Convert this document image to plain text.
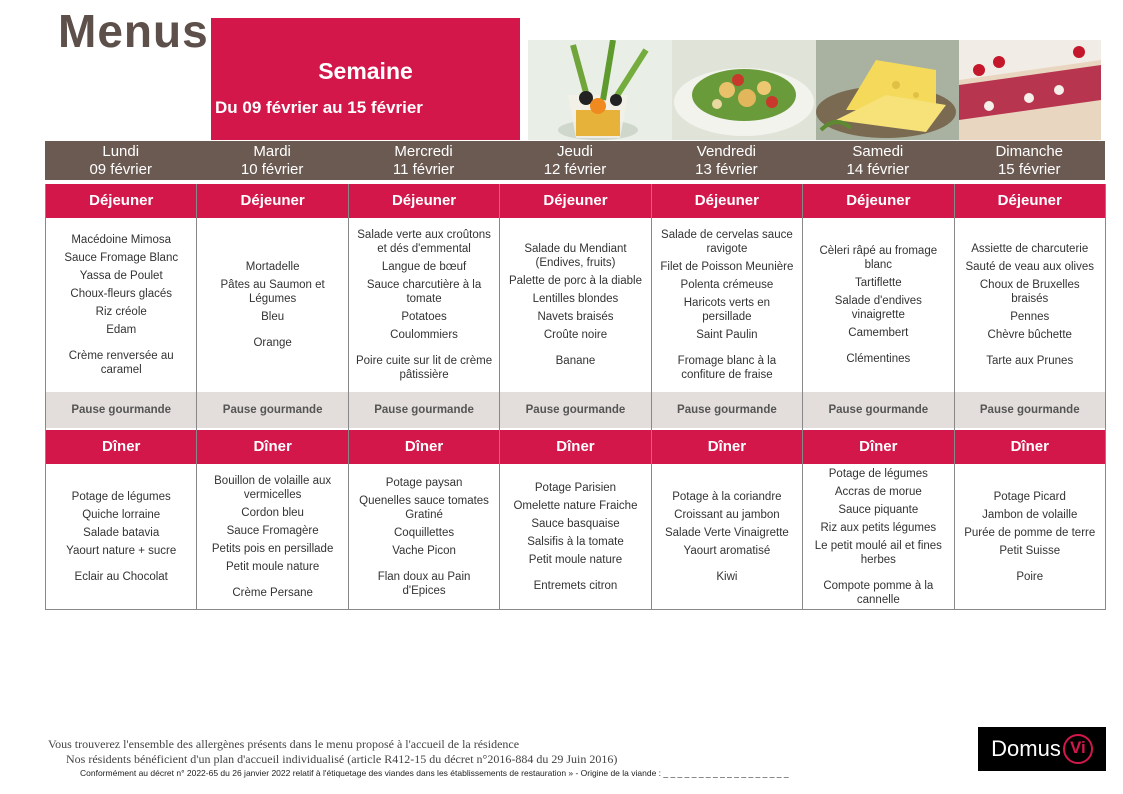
Menus
Semaine
Du 09 février au 15 février
Lundi
09 février
Mardi
10 février
Mercredi
11 février
Jeudi
12 février
Vendredi
13 février
Samedi
14 février
Dimanche
15 février
Déjeuner
Macédoine Mimosa
Sauce Fromage Blanc
Yassa de Poulet
Choux-fleurs glacés
Riz créole
Edam
Crème renversée au caramel
Pause gourmande
Dîner
Potage de légumes
Quiche lorraine
Salade batavia
Yaourt nature + sucre
Eclair au Chocolat
Déjeuner
Mortadelle
Pâtes au Saumon et Légumes
Bleu
Orange
Pause gourmande
Dîner
Bouillon de volaille aux vermicelles
Cordon bleu
Sauce Fromagère
Petits pois en persillade
Petit moule nature
Crème Persane
Déjeuner
Salade verte aux croûtons et dés d'emmental
Langue de bœuf
Sauce charcutière à la tomate
Potatoes
Coulommiers
Poire cuite sur lit de crème pâtissière
Pause gourmande
Dîner
Potage paysan
Quenelles sauce tomates Gratiné
Coquillettes
Vache Picon
Flan doux au Pain d'Epices
Déjeuner
Salade du Mendiant (Endives, fruits)
Palette de porc à la diable
Lentilles blondes
Navets braisés
Croûte noire
Banane
Pause gourmande
Dîner
Potage Parisien
Omelette nature Fraiche
Sauce basquaise
Salsifis à la tomate
Petit moule nature
Entremets citron
Déjeuner
Salade de cervelas sauce ravigote
Filet de Poisson Meunière
Polenta crémeuse
Haricots verts en persillade
Saint Paulin
Fromage blanc à la confiture de fraise
Pause gourmande
Dîner
Potage à la coriandre
Croissant au jambon
Salade Verte Vinaigrette
Yaourt aromatisé
Kiwi
Déjeuner
Cèleri râpé au fromage blanc
Tartiflette
Salade d'endives vinaigrette
Camembert
Clémentines
Pause gourmande
Dîner
Potage de légumes
Accras de morue
Sauce piquante
Riz aux petits légumes
Le petit moulé ail et fines herbes
Compote pomme à la cannelle
Déjeuner
Assiette de charcuterie
Sauté de veau aux olives
Choux de Bruxelles braisés
Pennes
Chèvre bûchette
Tarte aux Prunes
Pause gourmande
Dîner
Potage Picard
Jambon de volaille
Purée de pomme de terre
Petit Suisse
Poire
Vous trouverez l'ensemble des allergènes présents dans le menu proposé à l'accueil de la résidence
Nos résidents bénéficient d'un plan d'accueil individualisé (article R412-15 du décret n°2016-884 du 29 Juin 2016)
Conformément au décret n° 2022-65 du 26 janvier 2022 relatif à l'étiquetage des viandes dans les établissements de restauration » - Origine de la viande : _ _ _ _ _ _ _ _ _ _ _ _ _ _ _ _ _ _
Domus Vi
